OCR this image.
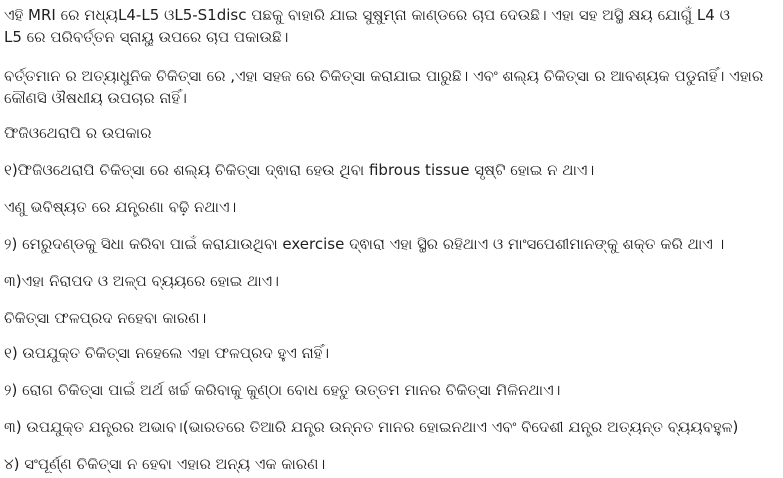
ଏହି MRI ରେ ମଧ୍ୟL4-L5 ଓL5-S1disc ପଛକୁ ବାହାରି ଯାଇ ସୁଷୁମ୍ନା କାଣ୍ଡରେ ଚାପ ଦେଉଛି। ଏହା ସହ ଅସ୍ଥି କ୍ଷୟ ଯୋଗୁଁ L4 ଓ
L5 ରେ ପରିବର୍ତ୍ତନ ସ୍ନାୟୁ ଉପରେ ଚାପ ପକାଉଛି।
ବର୍ତ୍ତମାନ ର ଅତ୍ୟାଧୁନିକ ଚିକିତ୍ସା ରେ ,ଏହା ସହଜ ରେ ଚିକିତ୍ସା କରାଯାଇ ପାରୁଛି। ଏବଂ ଶଲ୍ୟ ଚିକିତ୍ସା ର ଆବଶ୍ୟକ ପଡୁନାହିଁ। ଏହାର
କୌଣସି ଔଷଧୀୟ ଉପଚାର ନାହିଁ।
ଫିଜିଓଥେରାପି ର ଉପକାର
୧)ଫିଜିଓଥେରାପି ଚିକିତ୍ସା ରେ ଶଲ୍ୟ ଚିକିତ୍ସା ଦ୍ଵାରା ହେଉ ଥିବା fibrous tissue ସୃଷ୍ଟି ହୋଇ ନ ଥାଏ।
ଏଣୁ ଭବିଷ୍ୟତ ରେ ଯନ୍ତ୍ରଣା ବଢ଼ି ନଥାଏ।
୨) ମେରୁଦଣ୍ଡକୁ ସିଧା କରିବା ପାଇଁ କରାଯାଉଥିବା exercise ଦ୍ଵାରା ଏହା ସ୍ଥିର ରହିଥାଏ ଓ ମାଂସପେଶୀମାନଙ୍କୁ ଶକ୍ତ କରି ଥାଏ ।
୩)ଏହା ନିରାପଦ ଓ ଅଳ୍ପ ବ୍ୟୟରେ ହୋଇ ଥାଏ।
ଚିକିତ୍ସା ଫଳପ୍ରଦ ନହେବା କାରଣ।
୧) ଉପଯୁକ୍ତ ଚିକିତ୍ସା ନହେଲେ ଏହା ଫଳପ୍ରଦ ହୁଏ ନାହିଁ।
୨) ରୋଗ ଚିକିତ୍ସା ପାଇଁ ଅର୍ଥ ଖର୍ଚ୍ଚ କରିବାକୁ କୁଣ୍ଠା ବୋଧ ହେତୁ ଉତ୍ତମ ମାନର ଚିକିତ୍ସା ମିଳିନଥାଏ।
୩) ଉପଯୁକ୍ତ ଯନ୍ତ୍ରର ଅଭାବ।(ଭାରତରେ ତିଆରି ଯନ୍ତ୍ର ଉନ୍ନତ ମାନର ହୋଇନଥାଏ ଏବଂ ବିଦେଶୀ ଯନ୍ତ୍ର ଅତ୍ୟନ୍ତ ବ୍ୟୟବହୁଳ)
୪) ସଂପୂର୍ଣ୍ଣ ଚିକିତ୍ସା ନ ହେବା ଏହାର ଅନ୍ୟ ଏକ କାରଣ।
